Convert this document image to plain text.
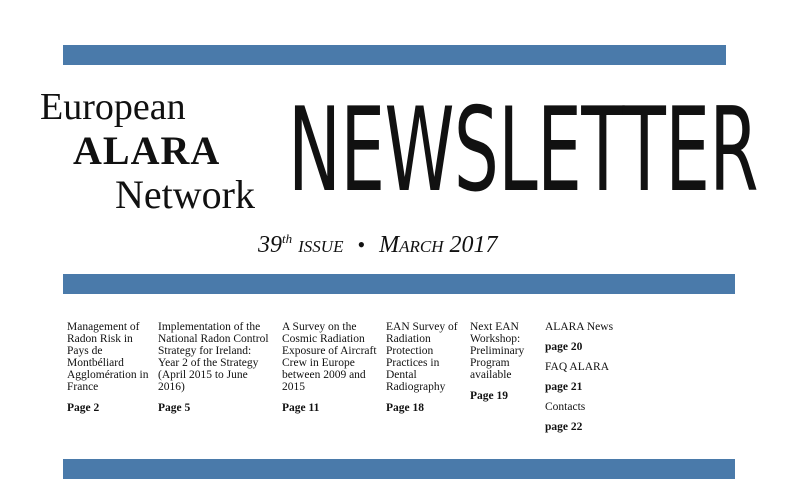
European
ALARA
Network NEWSLETTER
39th issue • March 2017
Management of Radon Risk in Pays de Montbéliard Agglomération in France
Page 2
Implementation of the National Radon Control Strategy for Ireland: Year 2 of the Strategy (April 2015 to June 2016)
Page 5
A Survey on the Cosmic Radiation Exposure of Aircraft Crew in Europe between 2009 and 2015
Page 11
EAN Survey of Radiation Protection Practices in Dental Radiography
Page 18
Next EAN Workshop: Preliminary Program available
Page 19
ALARA News
page 20
FAQ ALARA
page 21
Contacts
page 22
